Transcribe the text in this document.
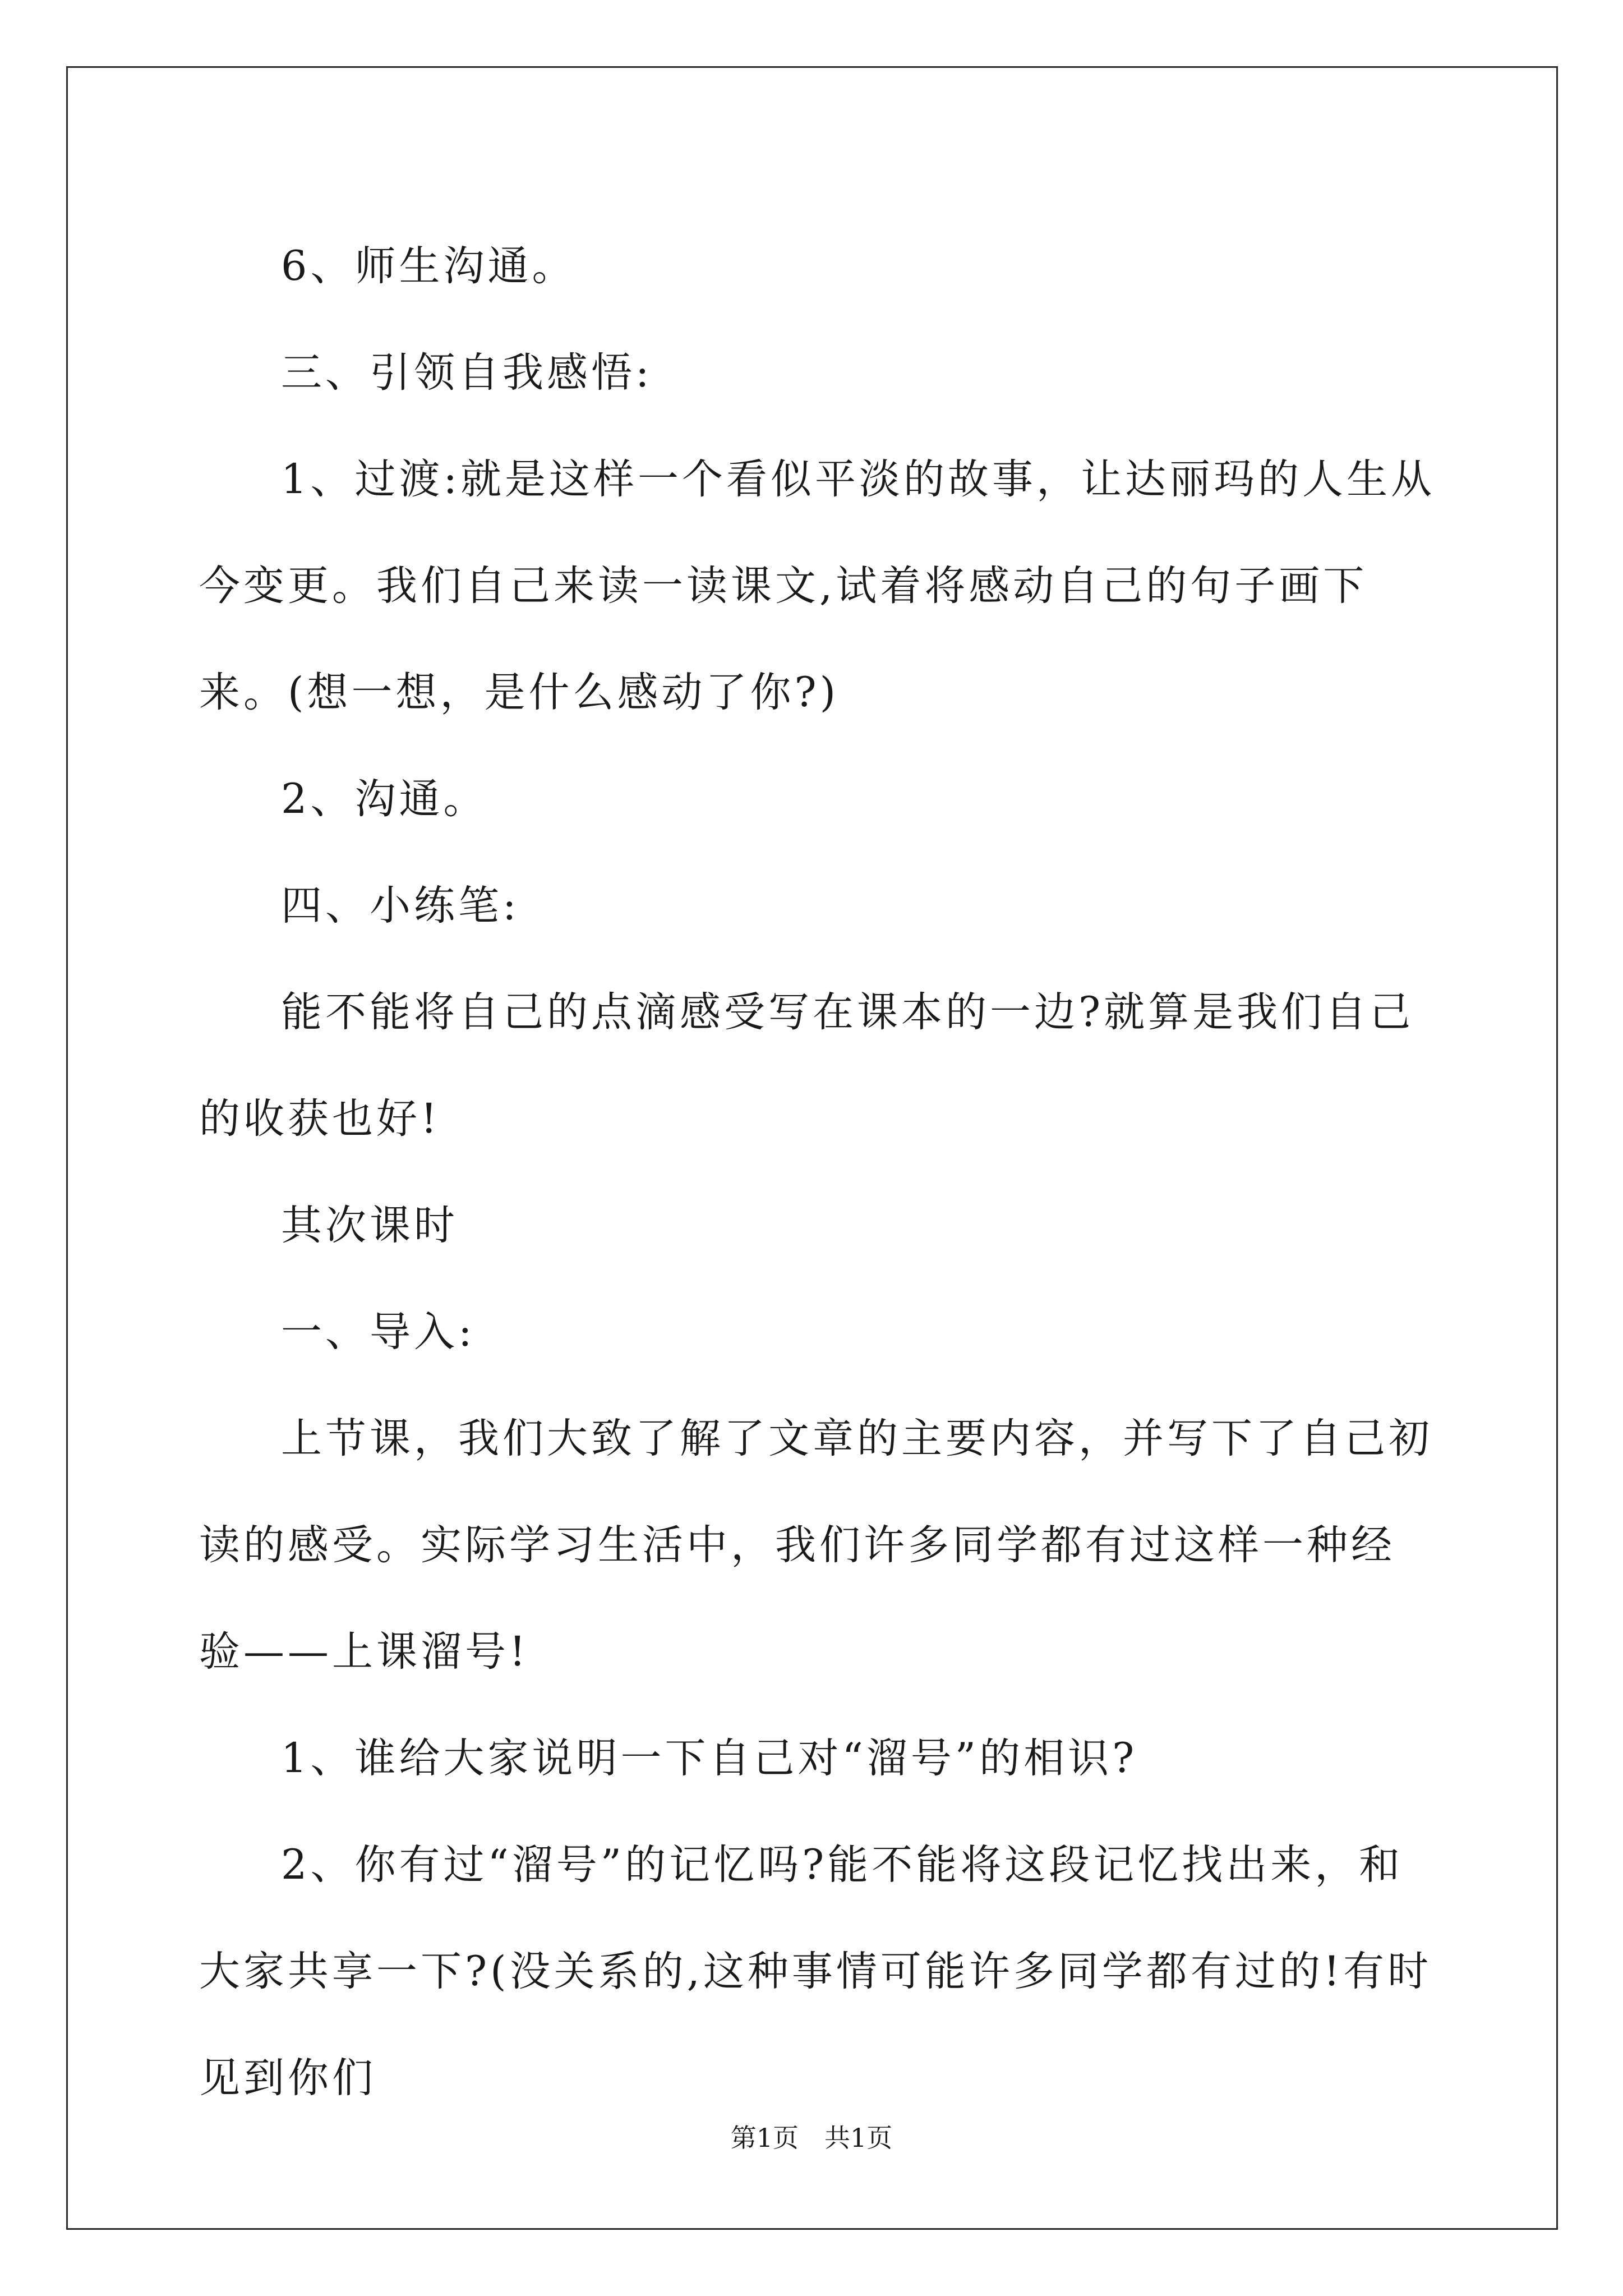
6、师生沟通。

三、引领自我感悟:

1、过渡:就是这样一个看似平淡的故事，让达丽玛的人生从今变更。我们自己来读一读课文,试着将感动自己的句子画下来。(想一想，是什么感动了你?)

2、沟通。

四、小练笔:

能不能将自己的点滴感受写在课本的一边?就算是我们自己的收获也好!

其次课时

一、导入:

上节课，我们大致了解了文章的主要内容，并写下了自己初读的感受。实际学习生活中，我们许多同学都有过这样一种经验——上课溜号!

1、谁给大家说明一下自己对“溜号”的相识?

2、你有过“溜号”的记忆吗?能不能将这段记忆找出来，和大家共享一下?(没关系的,这种事情可能许多同学都有过的!有时见到你们

第1页 共1页
